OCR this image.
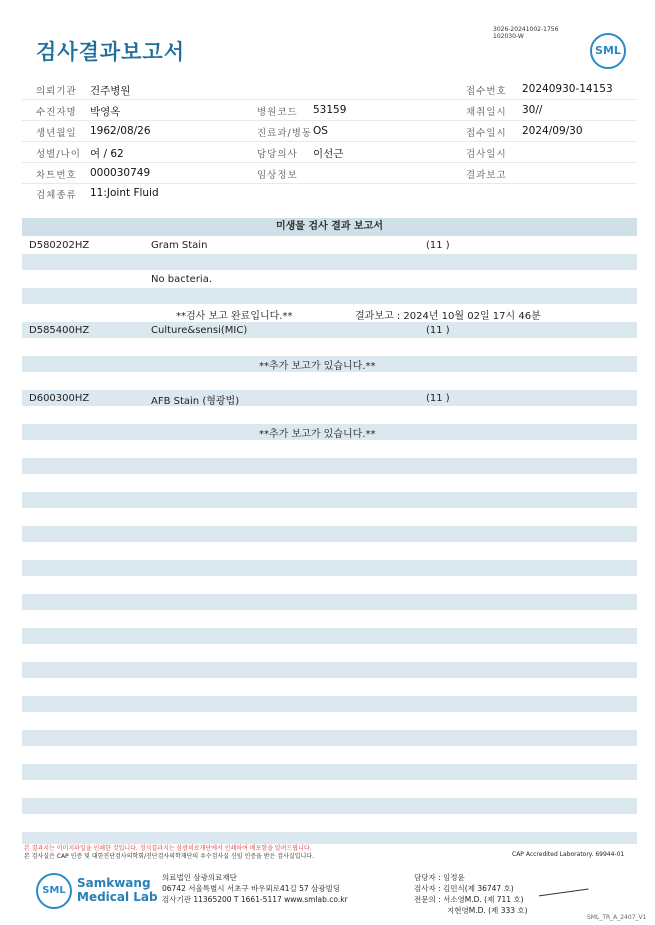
검사결과보고서
3026-20241002-1756
102030-W
SML
의뢰기관 건주병원	접수번호 20240930-14153
수진자명 박영옥	병원코드 53159	채취일시 30//
생년월일 1962/08/26	진료과/병동 OS	접수일시 2024/09/30
성별/나이 여 / 62	담당의사 이선근	검사일시
차트번호 000030749	임상정보	결과보고
검체종류 11:Joint Fluid
미생물 검사 결과 보고서
D580202HZ	Gram Stain	(11 )
No bacteria.
**검사 보고 완료입니다.**	결과보고 : 2024년 10월 02일 17시 46분
D585400HZ	Culture&sensi(MIC)	(11 )
**추가 보고가 있습니다.**
D600300HZ	AFB Stain (형광법)	(11 )
**추가 보고가 있습니다.**
본 결과지는 이미지파일을 인쇄한 것입니다. 정식결과지는 삼광의료재단에서 인쇄하여 배포함을 알려드립니다.
본 검사실은 CAP 인증 및 대한진단검사의학회/진단검사의학재단의 우수검사실 신임 인증을 받은 검사실입니다.	CAP Accredited Laboratory. 69944-01
SML
Samkwang
Medical Lab
의료법인 삼광의료재단
06742 서울특별시 서초구 바우뫼로41길 57 삼광빌딩
검사기관 11365200 T 1661-5117 www.smlab.co.kr
담당자 : 임정윤
검사자 : 김민식(제 36747 호)
전문의 : 서소영M.D. (제 711 호)
지현영M.D. (제 333 호)
SML_TR_A_2407_V1
